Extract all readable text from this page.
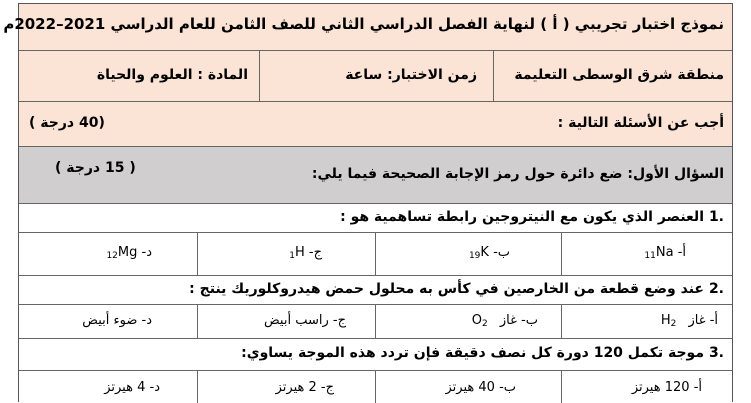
نموذج اختبار تجريبي ( أ ) لنهاية الفصل الدراسي الثاني للصف الثامن للعام الدراسي 2021–2022م
منطقة شرق الوسطى التعليمة
زمن الاختبار: ساعة
المادة : العلوم والحياة
أجب عن الأسئلة التالية :
(40 درجة )
السؤال الأول: ضع دائرة حول رمز الإجابة الصحيحة فيما يلي:
( 15 درجة )
1.
العنصر الذي يكون مع النيتروجين رابطة تساهمية هو :
أ- $_{11}$Na
ب- $_{19}$K
ج- $_1$H
د- $_{12}$Mg
2.
عند وضع قطعة من الخارصين في كأس به محلول حمض هيدروكلوريك ينتج :
أ- غاز $H_2$
ب- غاز $O_2$
ج- راسب أبيض
د- ضوء أبيض
3.
موجة تكمل 120 دورة كل نصف دقيقة فإن تردد هذه الموجة يساوي:
أ- 120 هيرتز
ب- 40 هيرتز
ج- 2 هيرتز
د- 4 هيرتز
